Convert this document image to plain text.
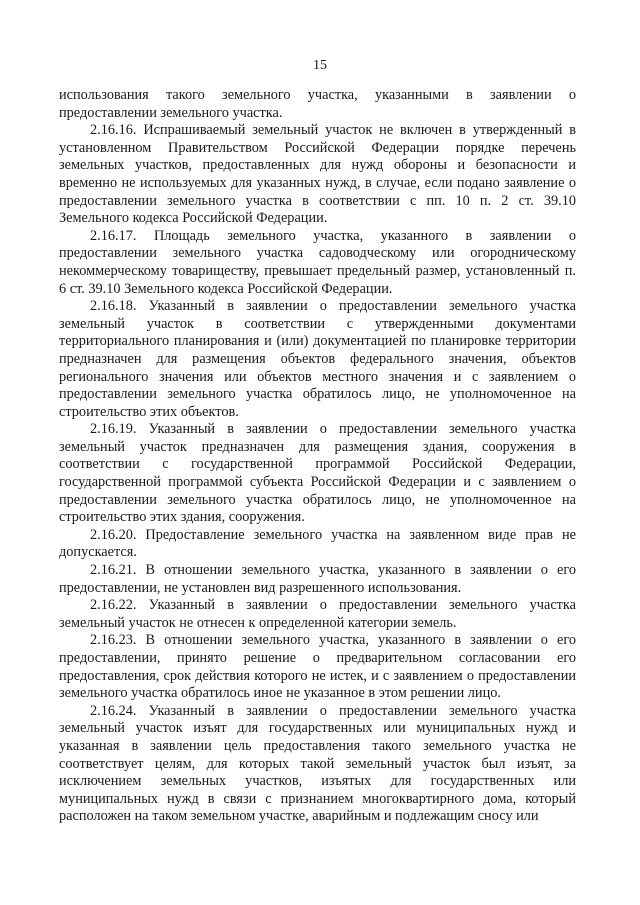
15

использования такого земельного участка, указанными в заявлении о предоставлении земельного участка.

2.16.16. Испрашиваемый земельный участок не включен в утвержденный в установленном Правительством Российской Федерации порядке перечень земельных участков, предоставленных для нужд обороны и безопасности и временно не используемых для указанных нужд, в случае, если подано заявление о предоставлении земельного участка в соответствии с пп. 10 п. 2 ст. 39.10 Земельного кодекса Российской Федерации.

2.16.17. Площадь земельного участка, указанного в заявлении о предоставлении земельного участка садоводческому или огородническому некоммерческому товариществу, превышает предельный размер, установленный п. 6 ст. 39.10 Земельного кодекса Российской Федерации.

2.16.18. Указанный в заявлении о предоставлении земельного участка земельный участок в соответствии с утвержденными документами территориального планирования и (или) документацией по планировке территории предназначен для размещения объектов федерального значения, объектов регионального значения или объектов местного значения и с заявлением о предоставлении земельного участка обратилось лицо, не уполномоченное на строительство этих объектов.

2.16.19. Указанный в заявлении о предоставлении земельного участка земельный участок предназначен для размещения здания, сооружения в соответствии с государственной программой Российской Федерации, государственной программой субъекта Российской Федерации и с заявлением о предоставлении земельного участка обратилось лицо, не уполномоченное на строительство этих здания, сооружения.

2.16.20. Предоставление земельного участка на заявленном виде прав не допускается.

2.16.21. В отношении земельного участка, указанного в заявлении о его предоставлении, не установлен вид разрешенного использования.

2.16.22. Указанный в заявлении о предоставлении земельного участка земельный участок не отнесен к определенной категории земель.

2.16.23. В отношении земельного участка, указанного в заявлении о его предоставлении, принято решение о предварительном согласовании его предоставления, срок действия которого не истек, и с заявлением о предоставлении земельного участка обратилось иное не указанное в этом решении лицо.

2.16.24. Указанный в заявлении о предоставлении земельного участка земельный участок изъят для государственных или муниципальных нужд и указанная в заявлении цель предоставления такого земельного участка не соответствует целям, для которых такой земельный участок был изъят, за исключением земельных участков, изъятых для государственных или муниципальных нужд в связи с признанием многоквартирного дома, который расположен на таком земельном участке, аварийным и подлежащим сносу или
